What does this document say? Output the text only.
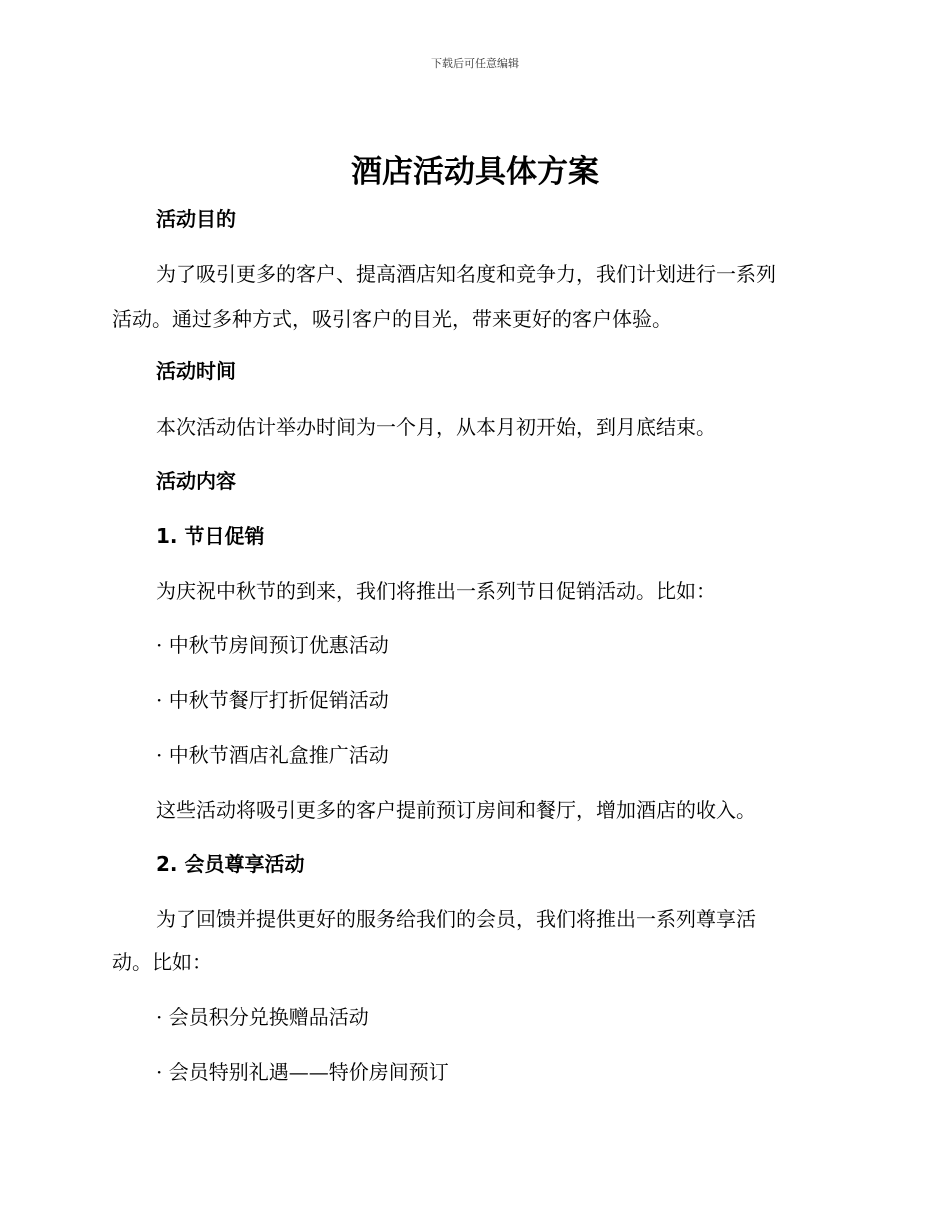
下载后可任意编辑
酒店活动具体方案
活动目的
为了吸引更多的客户、提高酒店知名度和竞争力，我们计划进行一系列
活动。通过多种方式，吸引客户的目光，带来更好的客户体验。
活动时间
本次活动估计举办时间为一个月，从本月初开始，到月底结束。
活动内容
1. 节日促销
为庆祝中秋节的到来，我们将推出一系列节日促销活动。比如：
· 中秋节房间预订优惠活动
· 中秋节餐厅打折促销活动
· 中秋节酒店礼盒推广活动
这些活动将吸引更多的客户提前预订房间和餐厅，增加酒店的收入。
2. 会员尊享活动
为了回馈并提供更好的服务给我们的会员，我们将推出一系列尊享活
动。比如：
· 会员积分兑换赠品活动
· 会员特别礼遇——特价房间预订
